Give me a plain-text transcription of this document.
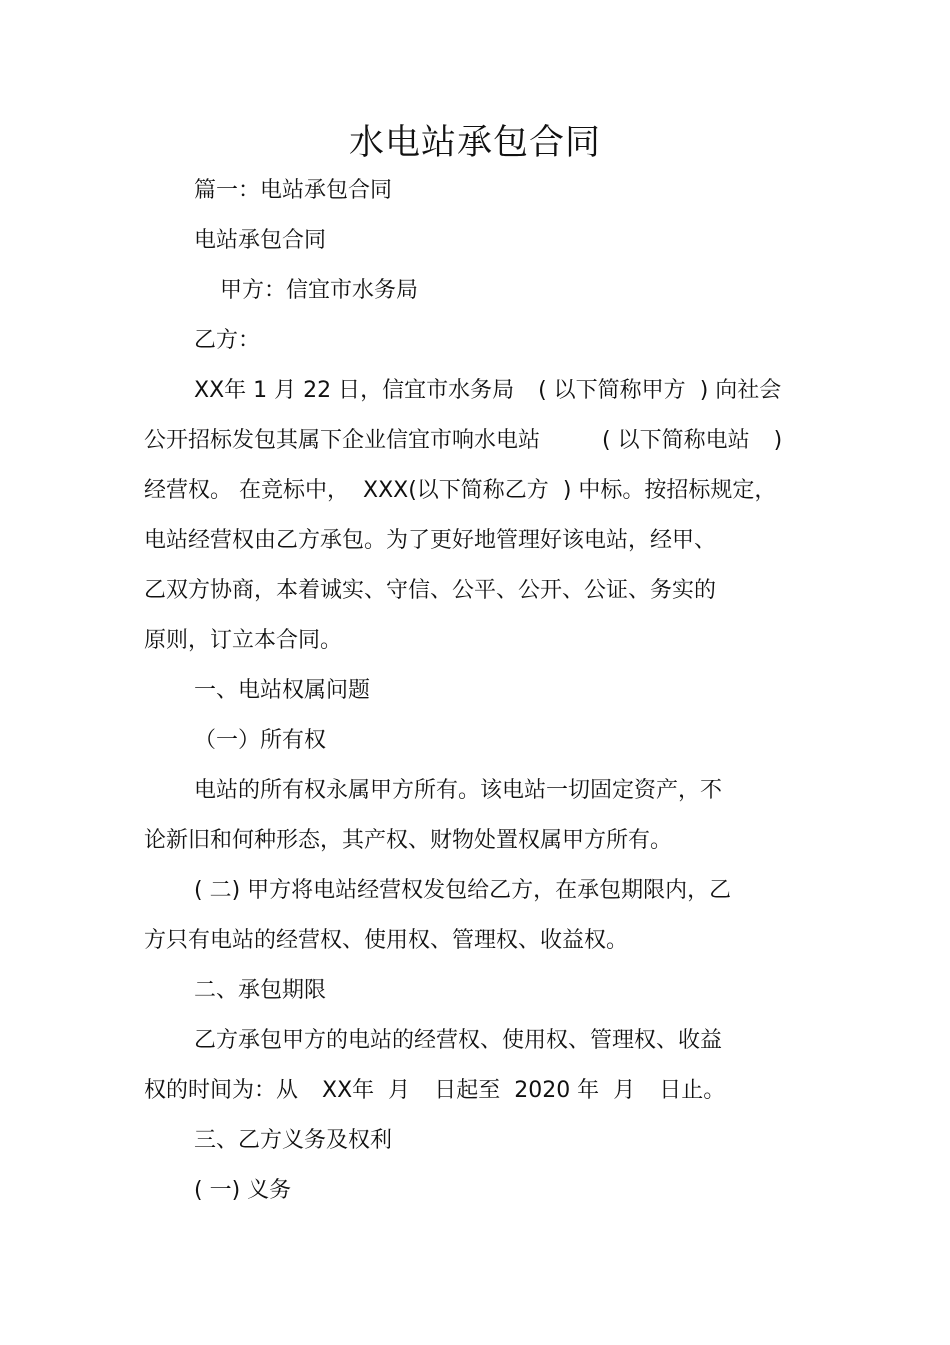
水电站承包合同
篇一：电站承包合同
电站承包合同
甲方：信宜市水务局
乙方：
XX年 1 月 22 日，信宜市水务局 ( 以下简称甲方 ) 向社会
公开招标发包其属下企业信宜市响水电站	( 以下简称电站 )
经营权。 在竞标中， XXX(以下简称乙方 ) 中标。按招标规定，
电站经营权由乙方承包。为了更好地管理好该电站，经甲、
乙双方协商，本着诚实、守信、公平、公开、公证、务实的
原则，订立本合同。
一、电站权属问题
（一）所有权
电站的所有权永属甲方所有。该电站一切固定资产，不
论新旧和何种形态，其产权、财物处置权属甲方所有。
( 二) 甲方将电站经营权发包给乙方，在承包期限内，乙
方只有电站的经营权、使用权、管理权、收益权。
二、承包期限
乙方承包甲方的电站的经营权、使用权、管理权、收益
权的时间为：从 XX年 月 日起至 2020 年 月 日止。
三、乙方义务及权利
( 一) 义务
